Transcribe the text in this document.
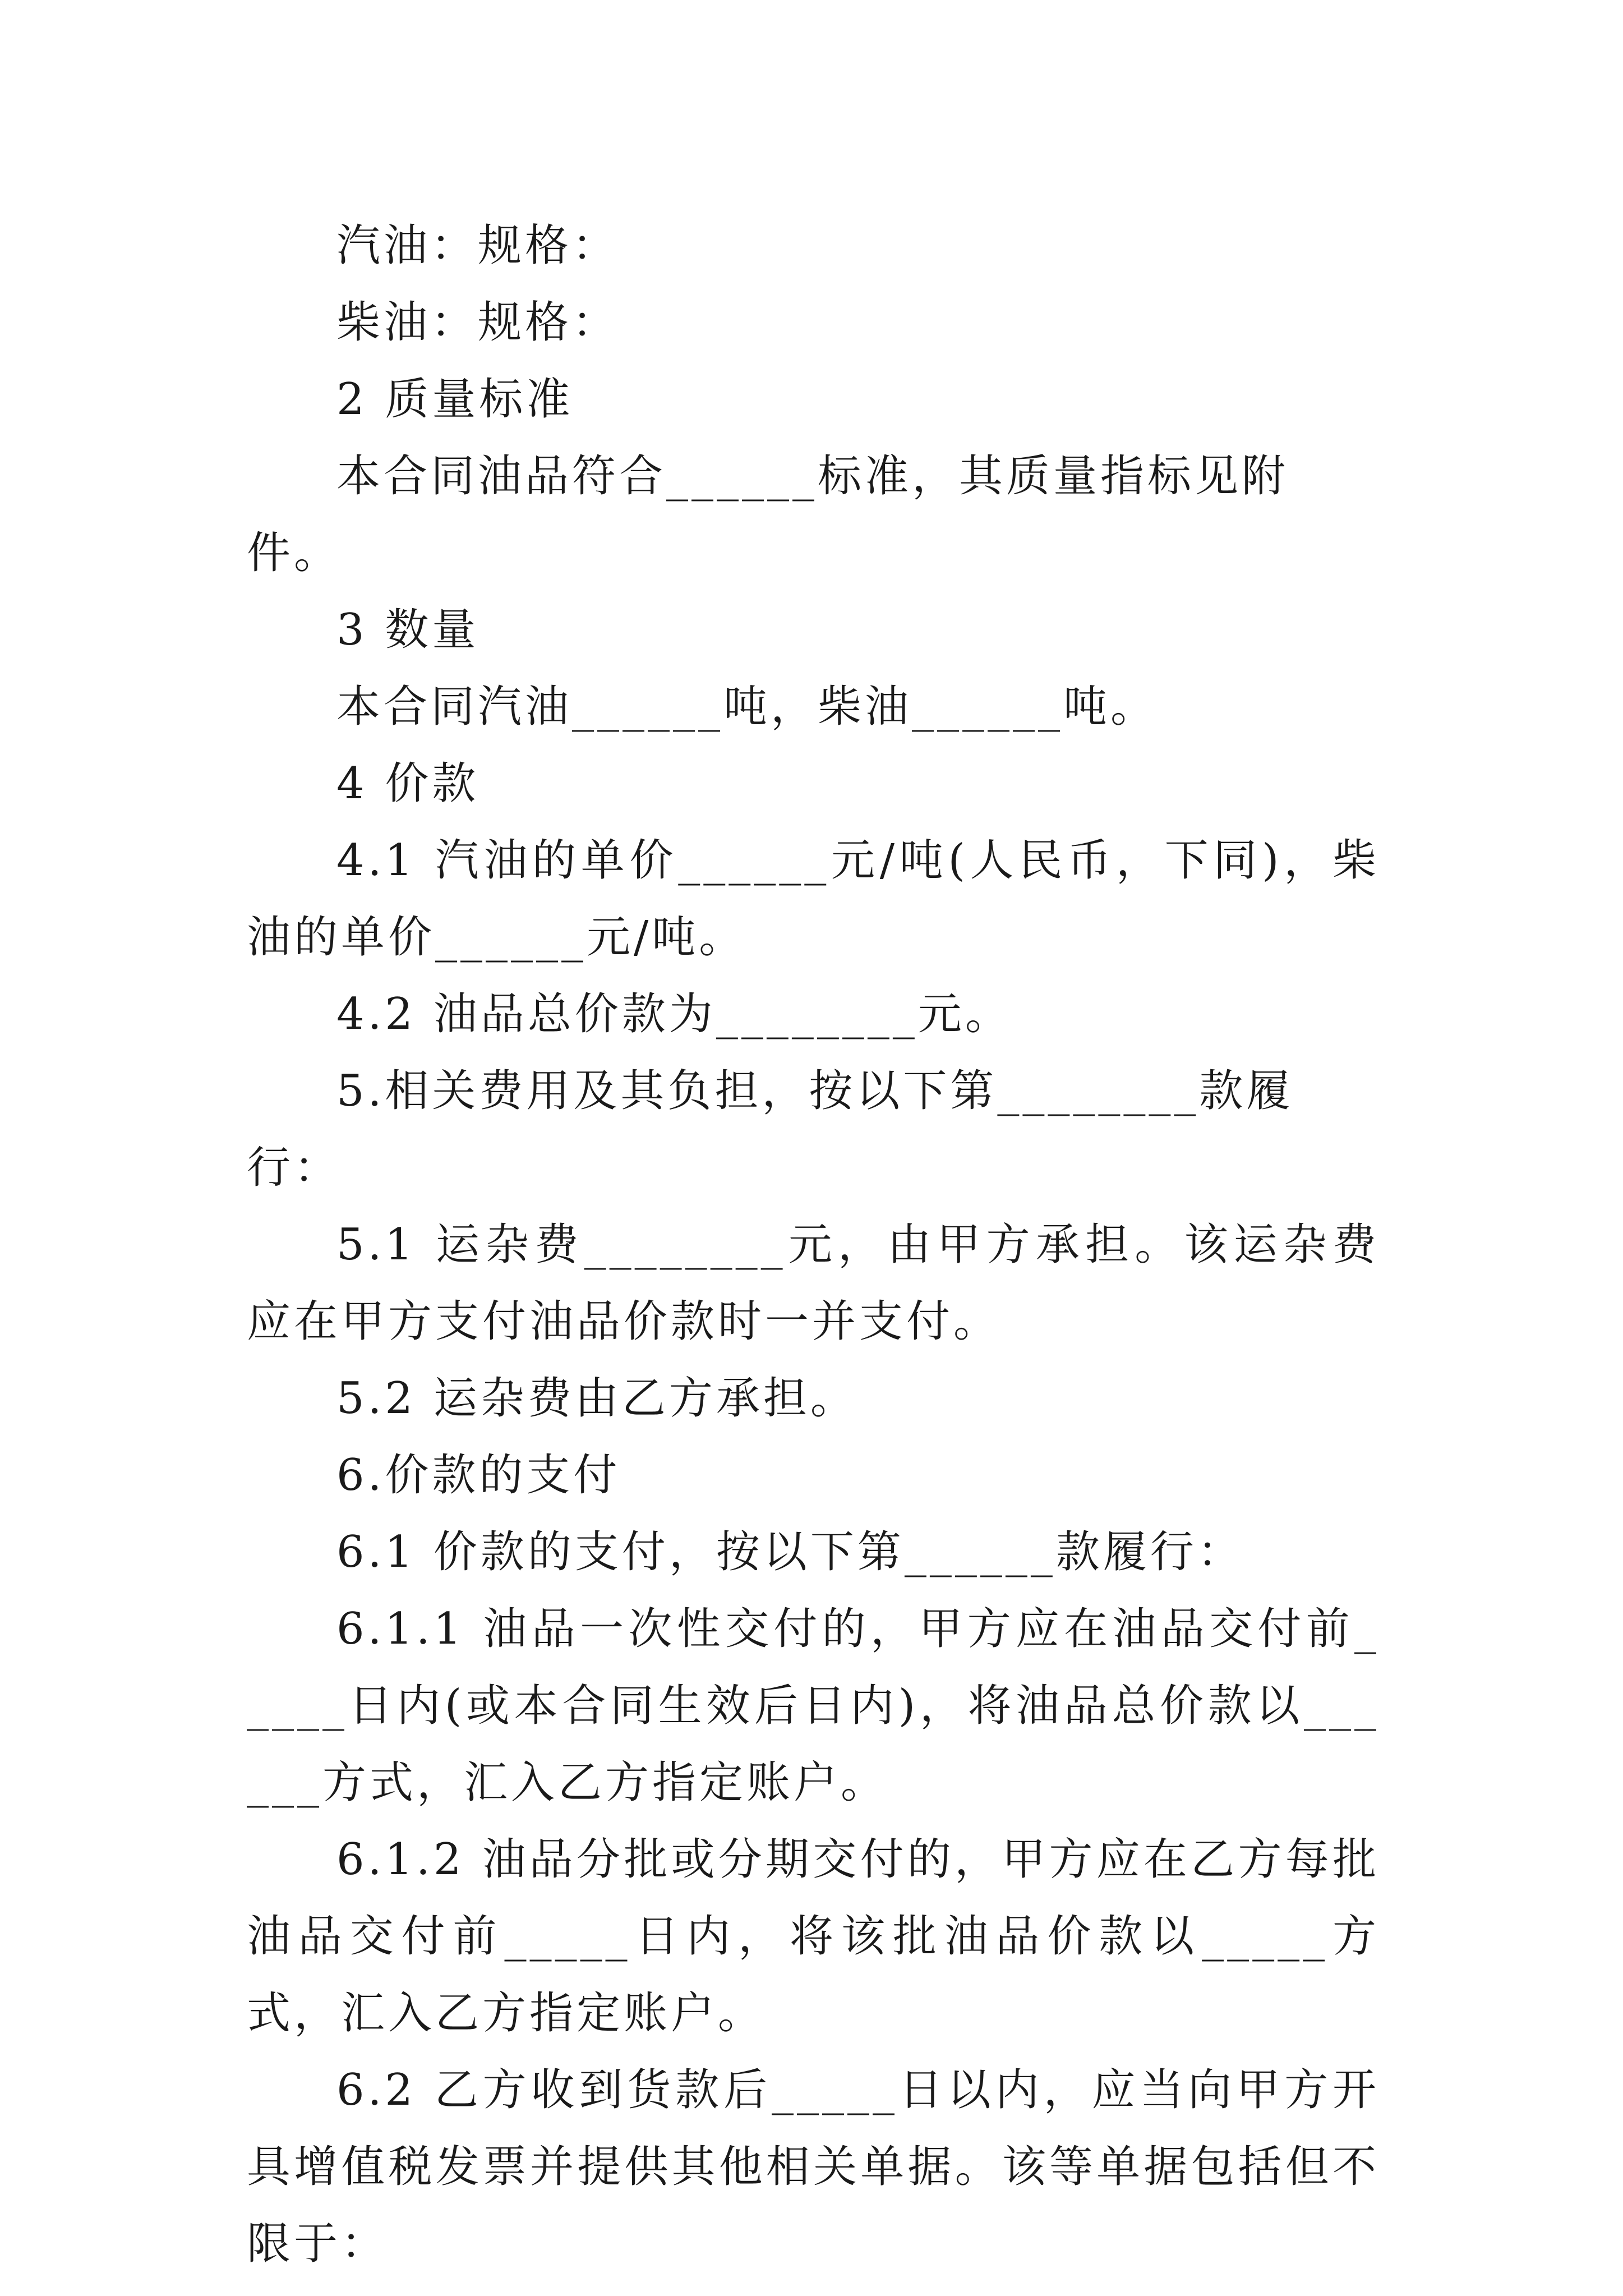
汽油：规格：

柴油：规格：

2 质量标准

本合同油品符合______标准，其质量指标见附件。

3 数量

本合同汽油______吨，柴油______吨。

4 价款

4.1 汽油的单价______元/吨(人民币，下同)，柴油的单价______元/吨。

4.2 油品总价款为________元。

5.相关费用及其负担，按以下第________款履行：

5.1 运杂费________元，由甲方承担。该运杂费应在甲方支付油品价款时一并支付。

5.2 运杂费由乙方承担。

6.价款的支付

6.1 价款的支付，按以下第______款履行：

6.1.1 油品一次性交付的，甲方应在油品交付前_____日内(或本合同生效后日内)，将油品总价款以______方式，汇入乙方指定账户。

6.1.2 油品分批或分期交付的，甲方应在乙方每批油品交付前_____日内，将该批油品价款以_____方式，汇入乙方指定账户。

6.2 乙方收到货款后_____日以内，应当向甲方开具增值税发票并提供其他相关单据。该等单据包括但不限于：
